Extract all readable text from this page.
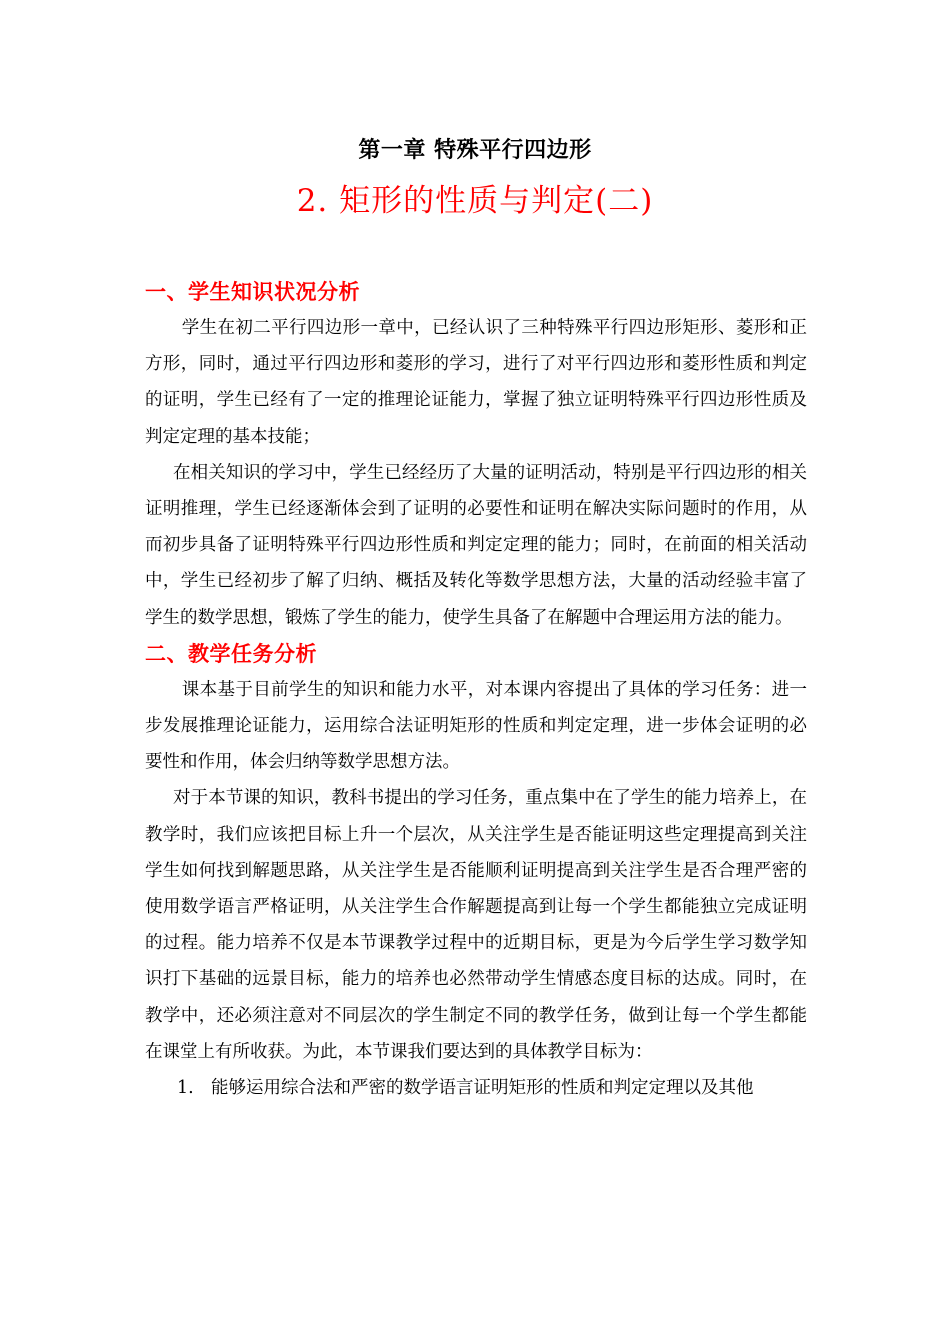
第一章 特殊平行四边形
2. 矩形的性质与判定(二)
一、学生知识状况分析

学生在初二平行四边形一章中，已经认识了三种特殊平行四边形矩形、菱形和正方形，同时，通过平行四边形和菱形的学习，进行了对平行四边形和菱形性质和判定的证明，学生已经有了一定的推理论证能力，掌握了独立证明特殊平行四边形性质及判定定理的基本技能；

在相关知识的学习中，学生已经经历了大量的证明活动，特别是平行四边形的相关证明推理，学生已经逐渐体会到了证明的必要性和证明在解决实际问题时的作用，从而初步具备了证明特殊平行四边形性质和判定定理的能力；同时，在前面的相关活动中，学生已经初步了解了归纳、概括及转化等数学思想方法，大量的活动经验丰富了学生的数学思想，锻炼了学生的能力，使学生具备了在解题中合理运用方法的能力。

二、教学任务分析

课本基于目前学生的知识和能力水平，对本课内容提出了具体的学习任务：进一步发展推理论证能力，运用综合法证明矩形的性质和判定定理，进一步体会证明的必要性和作用，体会归纳等数学思想方法。

对于本节课的知识，教科书提出的学习任务，重点集中在了学生的能力培养上，在教学时，我们应该把目标上升一个层次，从关注学生是否能证明这些定理提高到关注学生如何找到解题思路，从关注学生是否能顺利证明提高到关注学生是否合理严密的使用数学语言严格证明，从关注学生合作解题提高到让每一个学生都能独立完成证明的过程。能力培养不仅是本节课教学过程中的近期目标，更是为今后学生学习数学知识打下基础的远景目标，能力的培养也必然带动学生情感态度目标的达成。同时，在教学中，还必须注意对不同层次的学生制定不同的教学任务，做到让每一个学生都能在课堂上有所收获。为此，本节课我们要达到的具体教学目标为：

1. 能够运用综合法和严密的数学语言证明矩形的性质和判定定理以及其他
